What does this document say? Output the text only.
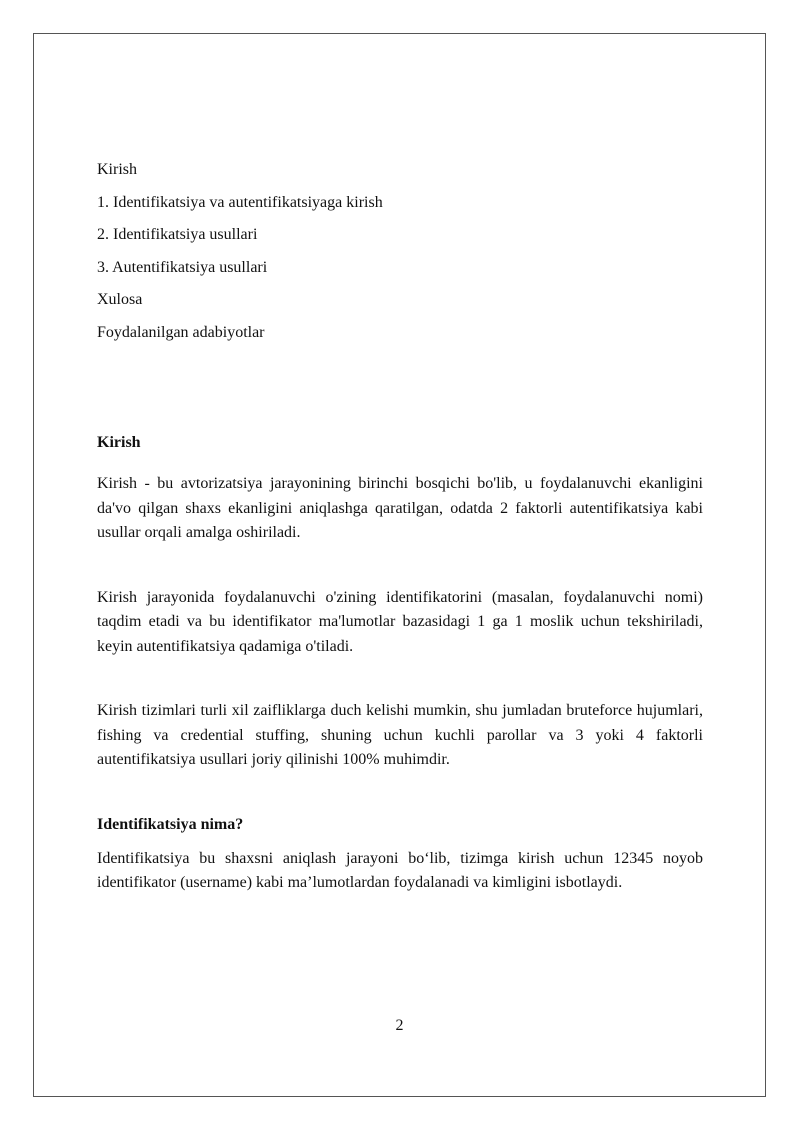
Kirish
1. Identifikatsiya va autentifikatsiyaga kirish
2. Identifikatsiya usullari
3. Autentifikatsiya usullari
Xulosa
Foydalanilgan adabiyotlar
Kirish

Kirish - bu avtorizatsiya jarayonining birinchi bosqichi bo'lib, u foydalanuvchi ekanligini da'vo qilgan shaxs ekanligini aniqlashga qaratilgan, odatda 2 faktorli autentifikatsiya kabi usullar orqali amalga oshiriladi.

Kirish jarayonida foydalanuvchi o'zining identifikatorini (masalan, foydalanuvchi nomi) taqdim etadi va bu identifikator ma'lumotlar bazasidagi 1 ga 1 moslik uchun tekshiriladi, keyin autentifikatsiya qadamiga o'tiladi.

Kirish tizimlari turli xil zaifliklarga duch kelishi mumkin, shu jumladan bruteforce hujumlari, fishing va credential stuffing, shuning uchun kuchli parollar va 3 yoki 4 faktorli autentifikatsiya usullari joriy qilinishi 100% muhimdir.

Identifikatsiya nima?

Identifikatsiya bu shaxsni aniqlash jarayoni bo‘lib, tizimga kirish uchun 12345 noyob identifikator (username) kabi ma’lumotlardan foydalanadi va kimligini isbotlaydi.

2
